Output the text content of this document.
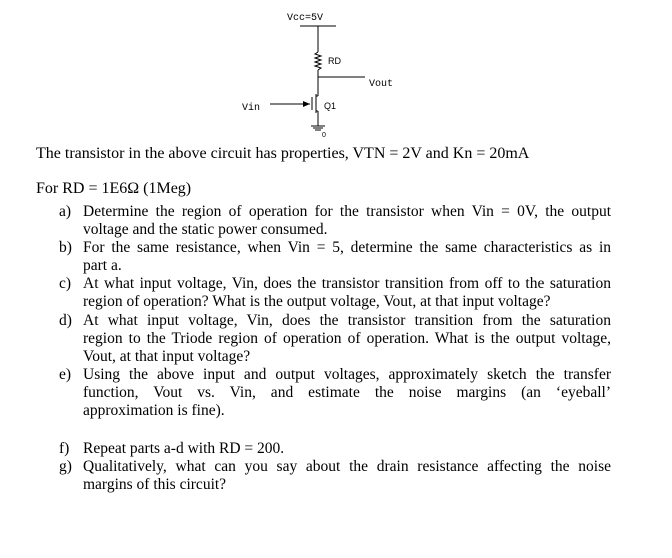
Vcc=5V
RD
Vout
Q1
Vin
0
The transistor in the above circuit has properties, VTN = 2V and Kn = 20mA
For RD = 1E6Ω (1Meg)
a) Determine the region of operation for the transistor when Vin = 0V, the output
voltage and the static power consumed.
b) For the same resistance, when Vin = 5, determine the same characteristics as in
part a.
c) At what input voltage, Vin, does the transistor transition from off to the saturation
region of operation? What is the output voltage, Vout, at that input voltage?
d) At what input voltage, Vin, does the transistor transition from the saturation
region to the Triode region of operation of operation. What is the output voltage,
Vout, at that input voltage?
e) Using the above input and output voltages, approximately sketch the transfer
function, Vout vs. Vin, and estimate the noise margins (an ‘eyeball’
approximation is fine).
f) Repeat parts a-d with RD = 200.
g) Qualitatively, what can you say about the drain resistance affecting the noise
margins of this circuit?
